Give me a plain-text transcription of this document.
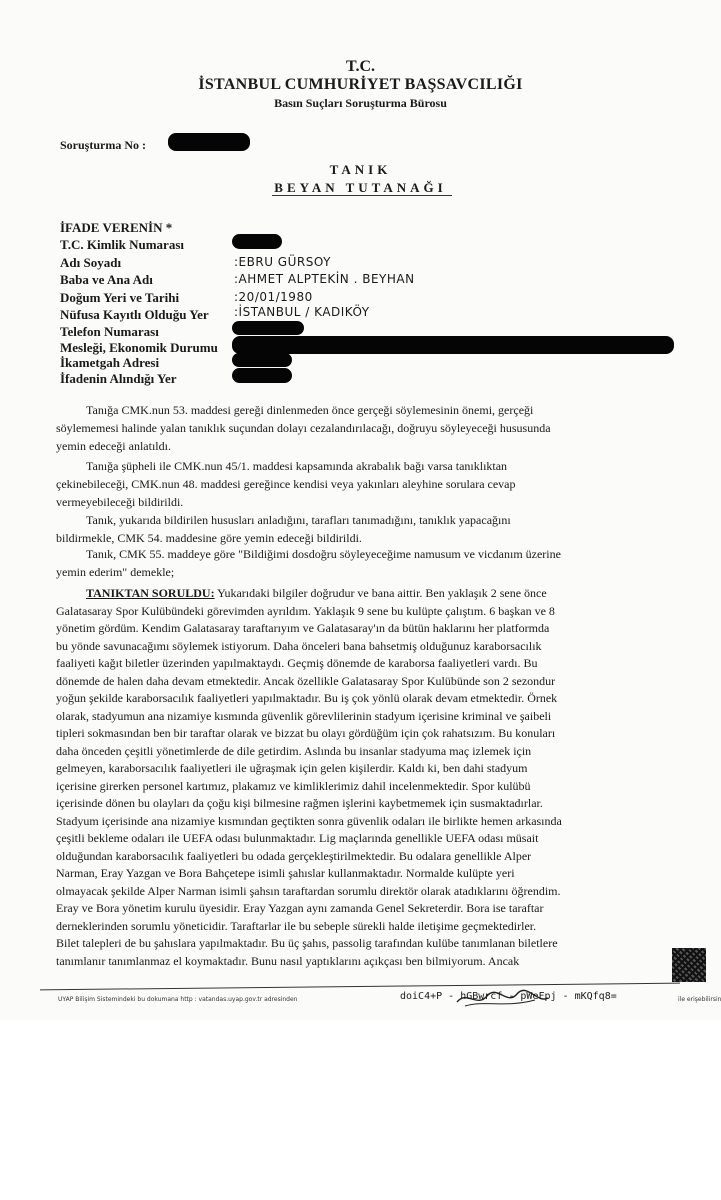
T.C.
İSTANBUL CUMHURİYET BAŞSAVCILIĞI
Basın Suçları Soruşturma Bürosu
Soruşturma No :
TANIK
BEYAN TUTANAĞI
İFADE VERENİN *
T.C. Kimlik Numarası
Adı Soyadı
Baba ve Ana Adı
Doğum Yeri ve Tarihi
Nüfusa Kayıtlı Olduğu Yer
Telefon Numarası
Mesleği, Ekonomik Durumu
İkametgah Adresi
İfadenin Alındığı Yer
:EBRU GÜRSOY
:AHMET ALPTEKİN . BEYHAN
:20/01/1980
:İSTANBUL / KADIKÖY
Tanığa CMK.nun 53. maddesi gereği dinlenmeden önce gerçeği söylemesinin önemi, gerçeği
söylememesi halinde yalan tanıklık suçundan dolayı cezalandırılacağı, doğruyu söyleyeceği hususunda
yemin edeceği anlatıldı.
Tanığa şüpheli ile CMK.nun 45/1. maddesi kapsamında akrabalık bağı varsa tanıklıktan
çekinebileceği, CMK.nun 48. maddesi gereğince kendisi veya yakınları aleyhine sorulara cevap
vermeyebileceği bildirildi.
Tanık, yukarıda bildirilen hususları anladığını, tarafları tanımadığını, tanıklık yapacağını
bildirmekle, CMK 54. maddesine göre yemin edeceği bildirildi.
Tanık, CMK 55. maddeye göre "Bildiğimi dosdoğru söyleyeceğime namusum ve vicdanım üzerine
yemin ederim" demekle;
TANIKTAN SORULDU: Yukarıdaki bilgiler doğrudur ve bana aittir. Ben yaklaşık 2 sene önce
Galatasaray Spor Kulübündeki görevimden ayrıldım. Yaklaşık 9 sene bu kulüpte çalıştım. 6 başkan ve 8
yönetim gördüm. Kendim Galatasaray taraftarıyım ve Galatasaray'ın da bütün haklarını her platformda
bu yönde savunacağımı söylemek istiyorum. Daha önceleri bana bahsetmiş olduğunuz karaborsacılık
faaliyeti kağıt biletler üzerinden yapılmaktaydı. Geçmiş dönemde de karaborsa faaliyetleri vardı. Bu
dönemde de halen daha devam etmektedir. Ancak özellikle Galatasaray Spor Kulübünde son 2 sezondur
yoğun şekilde karaborsacılık faaliyetleri yapılmaktadır. Bu iş çok yönlü olarak devam etmektedir. Örnek
olarak, stadyumun ana nizamiye kısmında güvenlik görevlilerinin stadyum içerisine kriminal ve şaibeli
tipleri sokmasından ben bir taraftar olarak ve bizzat bu olayı gördüğüm için çok rahatsızım. Bu konuları
daha önceden çeşitli yönetimlerde de dile getirdim. Aslında bu insanlar stadyuma maç izlemek için
gelmeyen, karaborsacılık faaliyetleri ile uğraşmak için gelen kişilerdir. Kaldı ki, ben dahi stadyum
içerisine girerken personel kartımız, plakamız ve kimliklerimiz dahil incelenmektedir. Spor kulübü
içerisinde dönen bu olayları da çoğu kişi bilmesine rağmen işlerini kaybetmemek için susmaktadırlar.
Stadyum içerisinde ana nizamiye kısmından geçtikten sonra güvenlik odaları ile birlikte hemen arkasında
çeşitli bekleme odaları ile UEFA odası bulunmaktadır. Lig maçlarında genellikle UEFA odası müsait
olduğundan karaborsacılık faaliyetleri bu odada gerçekleştirilmektedir. Bu odalara genellikle Alper
Narman, Eray Yazgan ve Bora Bahçetepe isimli şahıslar kullanmaktadır. Normalde kulüpte yeri
olmayacak şekilde Alper Narman isimli şahsın taraftardan sorumlu direktör olarak atadıklarını öğrendim.
Eray ve Bora yönetim kurulu üyesidir. Eray Yazgan aynı zamanda Genel Sekreterdir. Bora ise taraftar
derneklerinden sorumlu yöneticidir. Taraftarlar ile bu sebeple sürekli halde iletişime geçmektedirler.
Bilet talepleri de bu şahıslara yapılmaktadır. Bu üç şahıs, passolig tarafından kulübe tanımlanan biletlere
tanımlanır tanımlanmaz el koymaktadır. Bunu nasıl yaptıklarını açıkçası ben bilmiyorum. Ancak
UYAP Bilişim Sistemindeki bu dokumana http : vatandas.uyap.gov.tr adresinden	doiC4+P - hGBwrcf - pWeFpj - mKQfq8=	ile erişebilirsin
